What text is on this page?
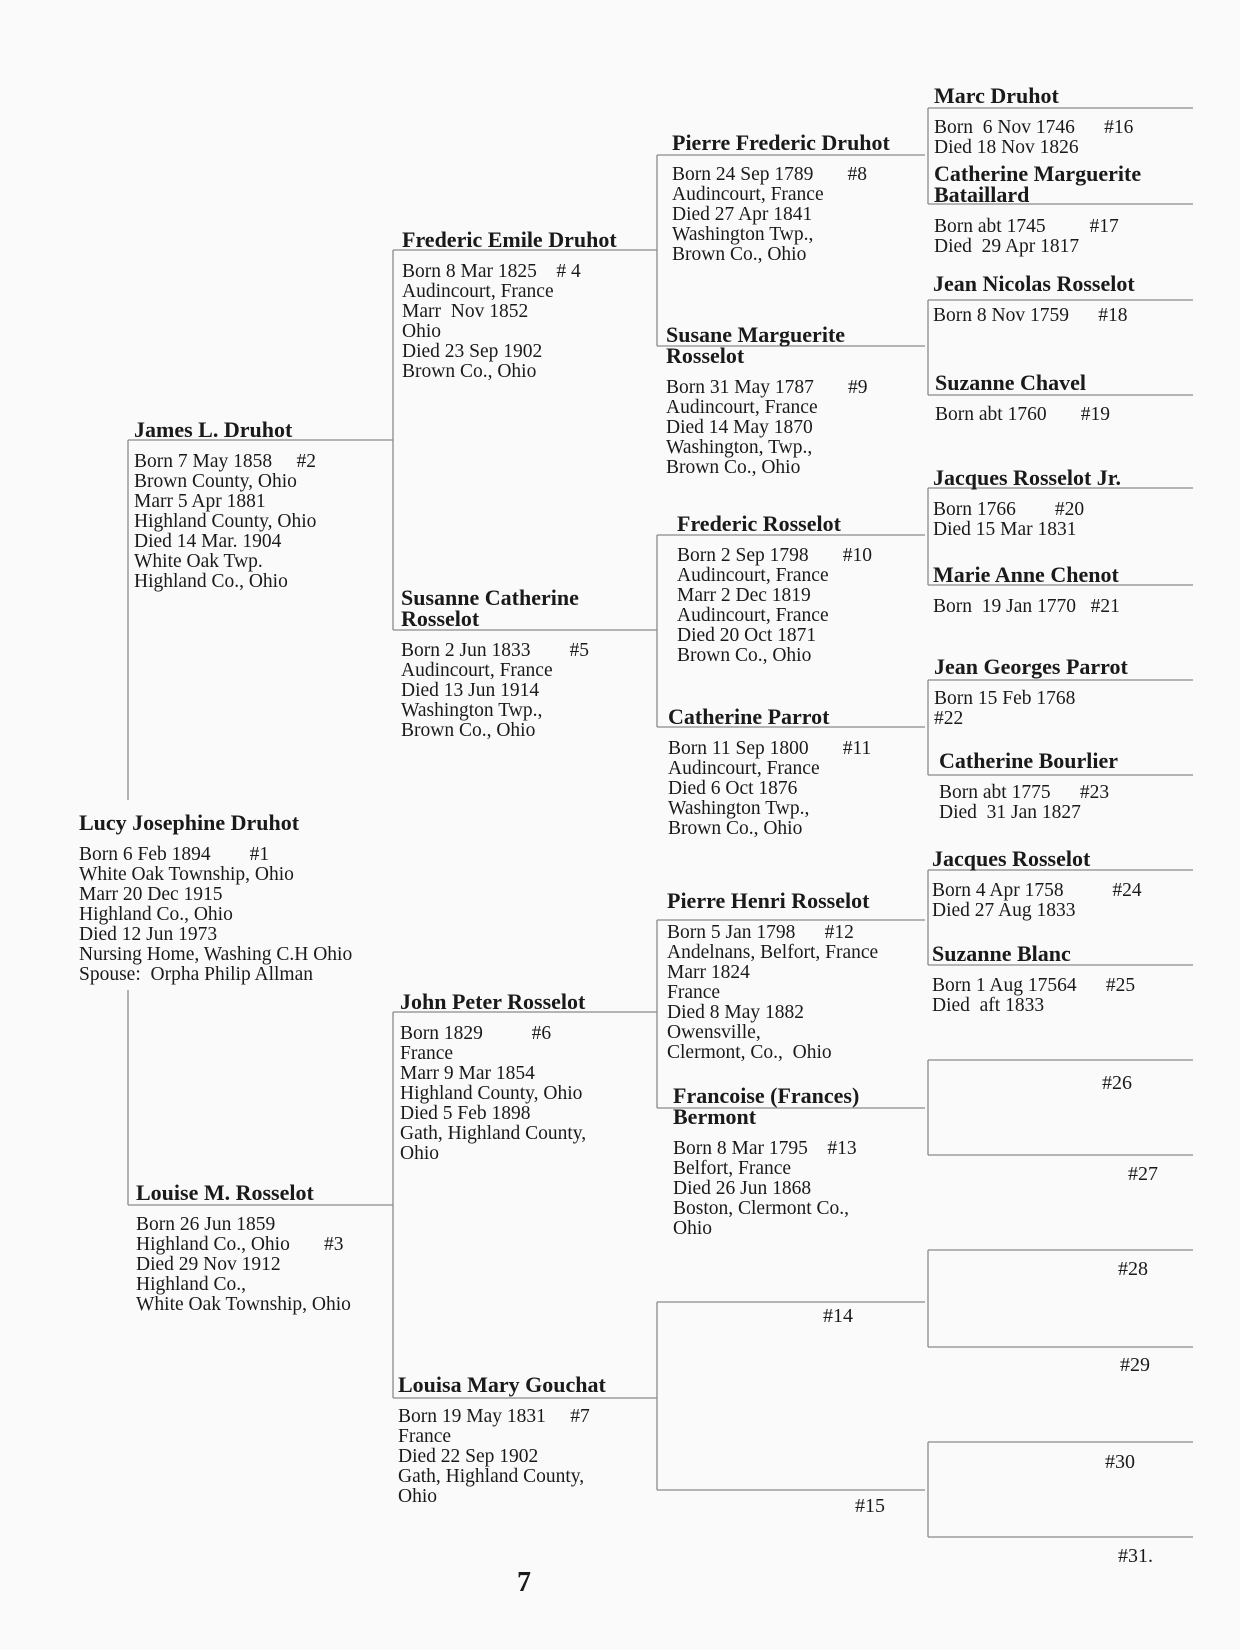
Lucy Josephine Druhot
Born 6 Feb 1894        #1
White Oak Township, Ohio
Marr 20 Dec 1915
Highland Co., Ohio
Died 12 Jun 1973
Nursing Home, Washing C.H Ohio
Spouse:  Orpha Philip Allman
James L. Druhot
Born 7 May 1858     #2
Brown County, Ohio
Marr 5 Apr 1881
Highland County, Ohio
Died 14 Mar. 1904
White Oak Twp.
Highland Co., Ohio
Louise M. Rosselot
Born 26 Jun 1859
Highland Co., Ohio       #3
Died 29 Nov 1912
Highland Co.,
White Oak Township, Ohio
Frederic Emile Druhot
Born 8 Mar 1825    # 4
Audincourt, France
Marr  Nov 1852
Ohio
Died 23 Sep 1902
Brown Co., Ohio
Susanne Catherine
Rosselot
Born 2 Jun 1833        #5
Audincourt, France
Died 13 Jun 1914
Washington Twp.,
Brown Co., Ohio
John Peter Rosselot
Born 1829          #6
France
Marr 9 Mar 1854
Highland County, Ohio
Died 5 Feb 1898
Gath, Highland County,
Ohio
Louisa Mary Gouchat
Born 19 May 1831     #7
France
Died 22 Sep 1902
Gath, Highland County,
Ohio
Pierre Frederic Druhot
Born 24 Sep 1789       #8
Audincourt, France
Died 27 Apr 1841
Washington Twp.,
Brown Co., Ohio
Susane Marguerite
Rosselot
Born 31 May 1787       #9
Audincourt, France
Died 14 May 1870
Washington, Twp.,
Brown Co., Ohio
Frederic Rosselot
Born 2 Sep 1798       #10
Audincourt, France
Marr 2 Dec 1819
Audincourt, France
Died 20 Oct 1871
Brown Co., Ohio
Catherine Parrot
Born 11 Sep 1800       #11
Audincourt, France
Died 6 Oct 1876
Washington Twp.,
Brown Co., Ohio
Pierre Henri Rosselot
Born 5 Jan 1798      #12
Andelnans, Belfort, France
Marr 1824
France
Died 8 May 1882
Owensville,
Clermont, Co.,  Ohio
Francoise (Frances)
Bermont
Born 8 Mar 1795    #13
Belfort, France
Died 26 Jun 1868
Boston, Clermont Co.,
Ohio
Marc Druhot
Born  6 Nov 1746      #16
Died 18 Nov 1826
Catherine Marguerite
Bataillard
Born abt 1745         #17
Died  29 Apr 1817
Jean Nicolas Rosselot
Born 8 Nov 1759      #18
Suzanne Chavel
Born abt 1760       #19
Jacques Rosselot Jr.
Born 1766        #20
Died 15 Mar 1831
Marie Anne Chenot
Born  19 Jan 1770   #21
Jean Georges Parrot
Born 15 Feb 1768
#22
Catherine Bourlier
Born abt 1775      #23
Died  31 Jan 1827
Jacques Rosselot
Born 4 Apr 1758          #24
Died 27 Aug 1833
Suzanne Blanc
Born 1 Aug 17564      #25
Died  aft 1833
#14
#15
#26
#27
#28
#29
#30
#31.
7
